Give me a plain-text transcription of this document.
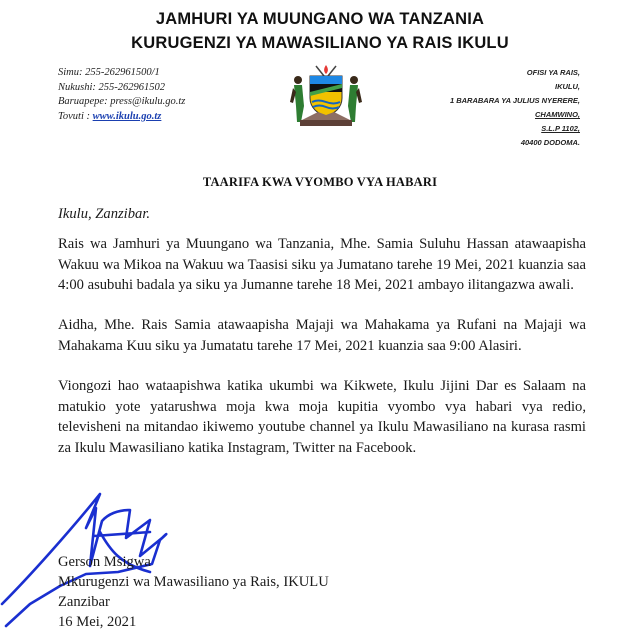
JAMHURI YA MUUNGANO WA TANZANIA
KURUGENZI YA MAWASILIANO YA RAIS IKULU
Simu: 255-262961500/1
Nukushi: 255-262961502
Baruapepe: press@ikulu.go.tz
Tovuti : www.ikulu.go.tz
OFISI YA RAIS,
IKULU,
1 BARABARA YA JULIUS NYERERE,
CHAMWINO,
S.L.P 1102,
40400 DODOMA.
TAARIFA KWA VYOMBO VYA HABARI
Ikulu, Zanzibar.

Rais wa Jamhuri ya Muungano wa Tanzania, Mhe. Samia Suluhu Hassan atawaapisha Wakuu wa Mikoa na Wakuu wa Taasisi siku ya Jumatano tarehe 19 Mei, 2021 kuanzia saa 4:00 asubuhi badala ya siku ya Jumanne tarehe 18 Mei, 2021 ambayo ilitangazwa awali.

Aidha, Mhe. Rais Samia atawaapisha Majaji wa Mahakama ya Rufani na Majaji wa Mahakama Kuu siku ya Jumatatu tarehe 17 Mei, 2021 kuanzia saa 9:00 Alasiri.

Viongozi hao wataapishwa katika ukumbi wa Kikwete, Ikulu Jijini Dar es Salaam na matukio yote yatarushwa moja kwa moja kupitia vyombo vya habari vya redio, televisheni na mitandao ikiwemo youtube channel ya Ikulu Mawasiliano na kurasa rasmi za Ikulu Mawasiliano katika Instagram, Twitter na Facebook.

Gerson Msigwa
Mkurugenzi wa Mawasiliano ya Rais, IKULU
Zanzibar
16 Mei, 2021
